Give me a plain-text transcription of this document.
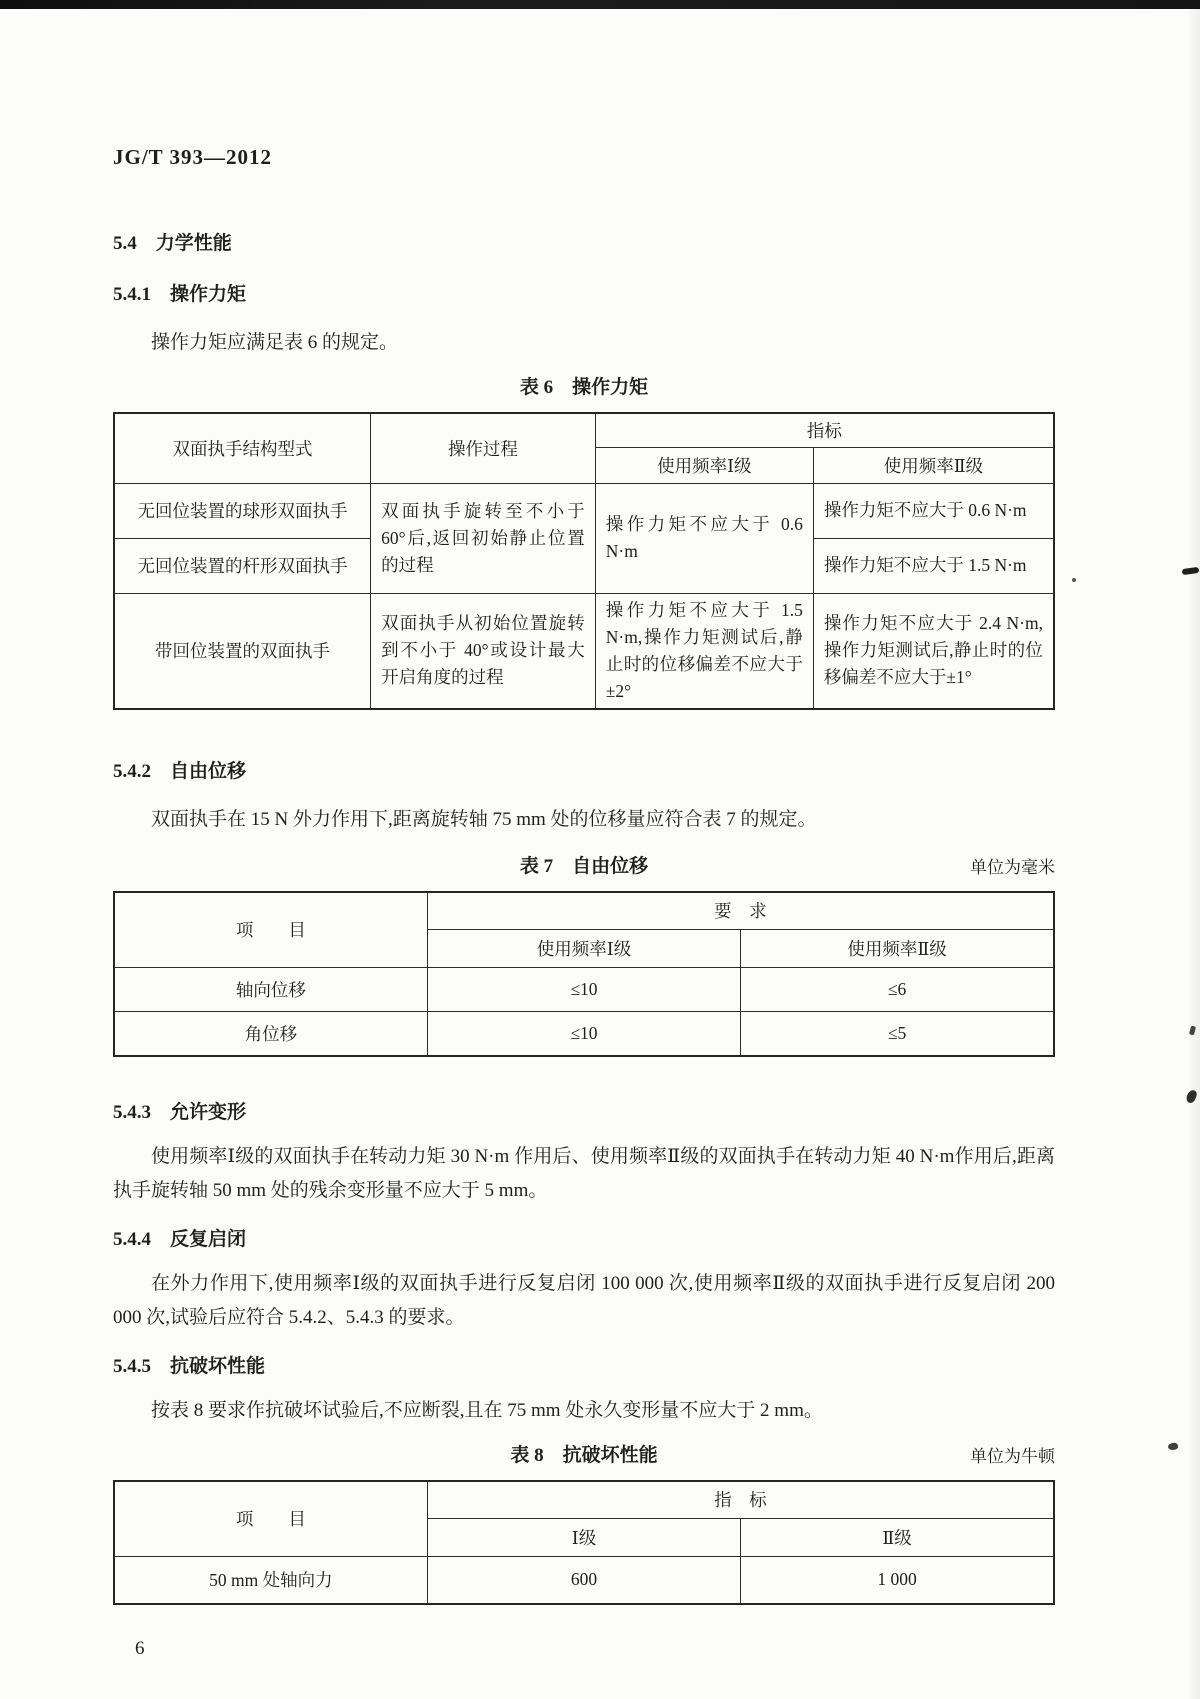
JG/T 393—2012
5.4　力学性能
5.4.1　操作力矩

操作力矩应满足表 6 的规定。

表 6　操作力矩
双面执手结构型式	操作过程	指标	
		使用频率Ⅰ级	使用频率Ⅱ级
无回位装置的球形双面执手	双面执手旋转至不小于 60°后,返回初始静止位置的过程	操作力矩不应大于 0.6 N·m	操作力矩不应大于 0.6 N·m
无回位装置的杆形双面执手			操作力矩不应大于 1.5 N·m
带回位装置的双面执手	双面执手从初始位置旋转到不小于 40°或设计最大开启角度的过程	操作力矩不应大于 1.5 N·m,操作力矩测试后,静止时的位移偏差不应大于±2°	操作力矩不应大于 2.4 N·m,操作力矩测试后,静止时的位移偏差不应大于±1°
5.4.2　自由位移

双面执手在 15 N 外力作用下,距离旋转轴 75 mm 处的位移量应符合表 7 的规定。

表 7　自由位移	单位为毫米
项　　目	要　求	
	使用频率Ⅰ级	使用频率Ⅱ级
轴向位移	≤10	≤6
角位移	≤10	≤5
5.4.3　允许变形

使用频率Ⅰ级的双面执手在转动力矩 30 N·m 作用后、使用频率Ⅱ级的双面执手在转动力矩 40 N·m作用后,距离执手旋转轴 50 mm 处的残余变形量不应大于 5 mm。

5.4.4　反复启闭

在外力作用下,使用频率Ⅰ级的双面执手进行反复启闭 100 000 次,使用频率Ⅱ级的双面执手进行反复启闭 200 000 次,试验后应符合 5.4.2、5.4.3 的要求。

5.4.5　抗破坏性能

按表 8 要求作抗破坏试验后,不应断裂,且在 75 mm 处永久变形量不应大于 2 mm。

表 8　抗破坏性能	单位为牛顿
项　　目	指　标	
	Ⅰ级	Ⅱ级
50 mm 处轴向力	600	1 000
6
